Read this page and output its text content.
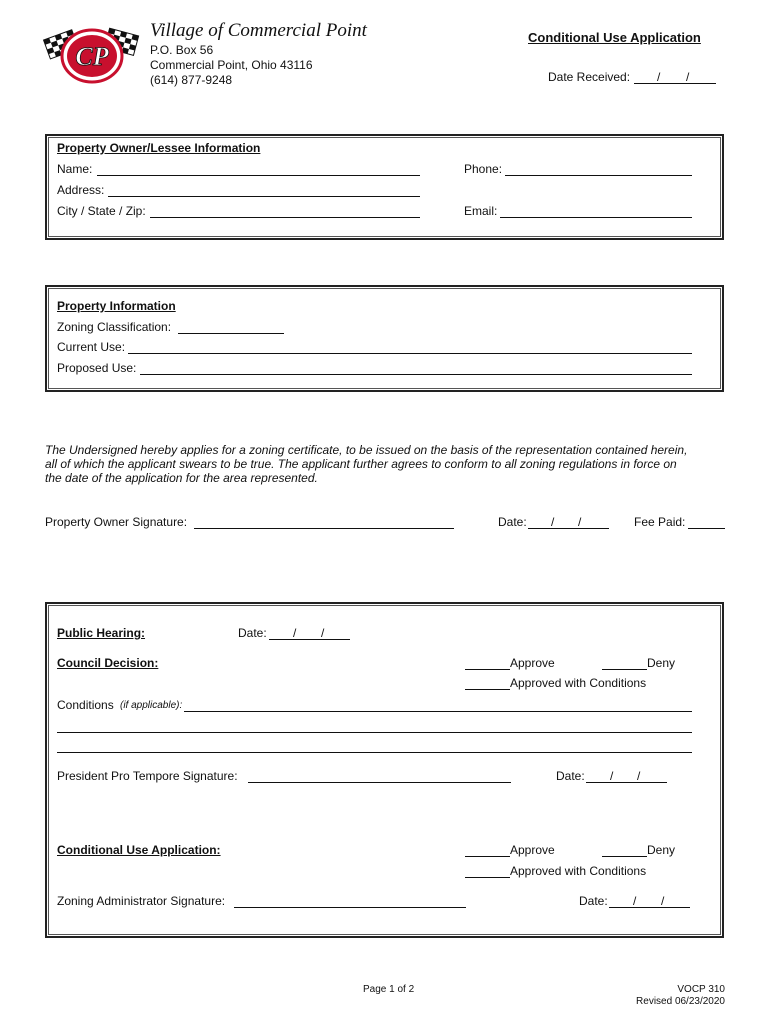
CP
Village of Commercial Point
P.O. Box 56
Commercial Point, Ohio 43116
(614) 877-9248
Conditional Use Application
Date Received: / /
Property Owner/Lessee Information
Name:	Phone:
Address:
City / State / Zip:	Email:
Property Information
Zoning Classification:
Current Use:
Proposed Use:
The Undersigned hereby applies for a zoning certificate, to be issued on the basis of the representation contained herein,
all of which the applicant swears to be true. The applicant further agrees to conform to all zoning regulations in force on
the date of the application for the area represented.
Property Owner Signature:	Date: / /	Fee Paid:
Public Hearing:	Date: / /
Council Decision:	Approve	Deny
Approved with Conditions
Conditions (if applicable):
President Pro Tempore Signature:	Date: / /
Conditional Use Application:	Approve	Deny
Approved with Conditions
Zoning Administrator Signature:	Date: / /
Page 1 of 2	VOCP 310
Revised 06/23/2020
